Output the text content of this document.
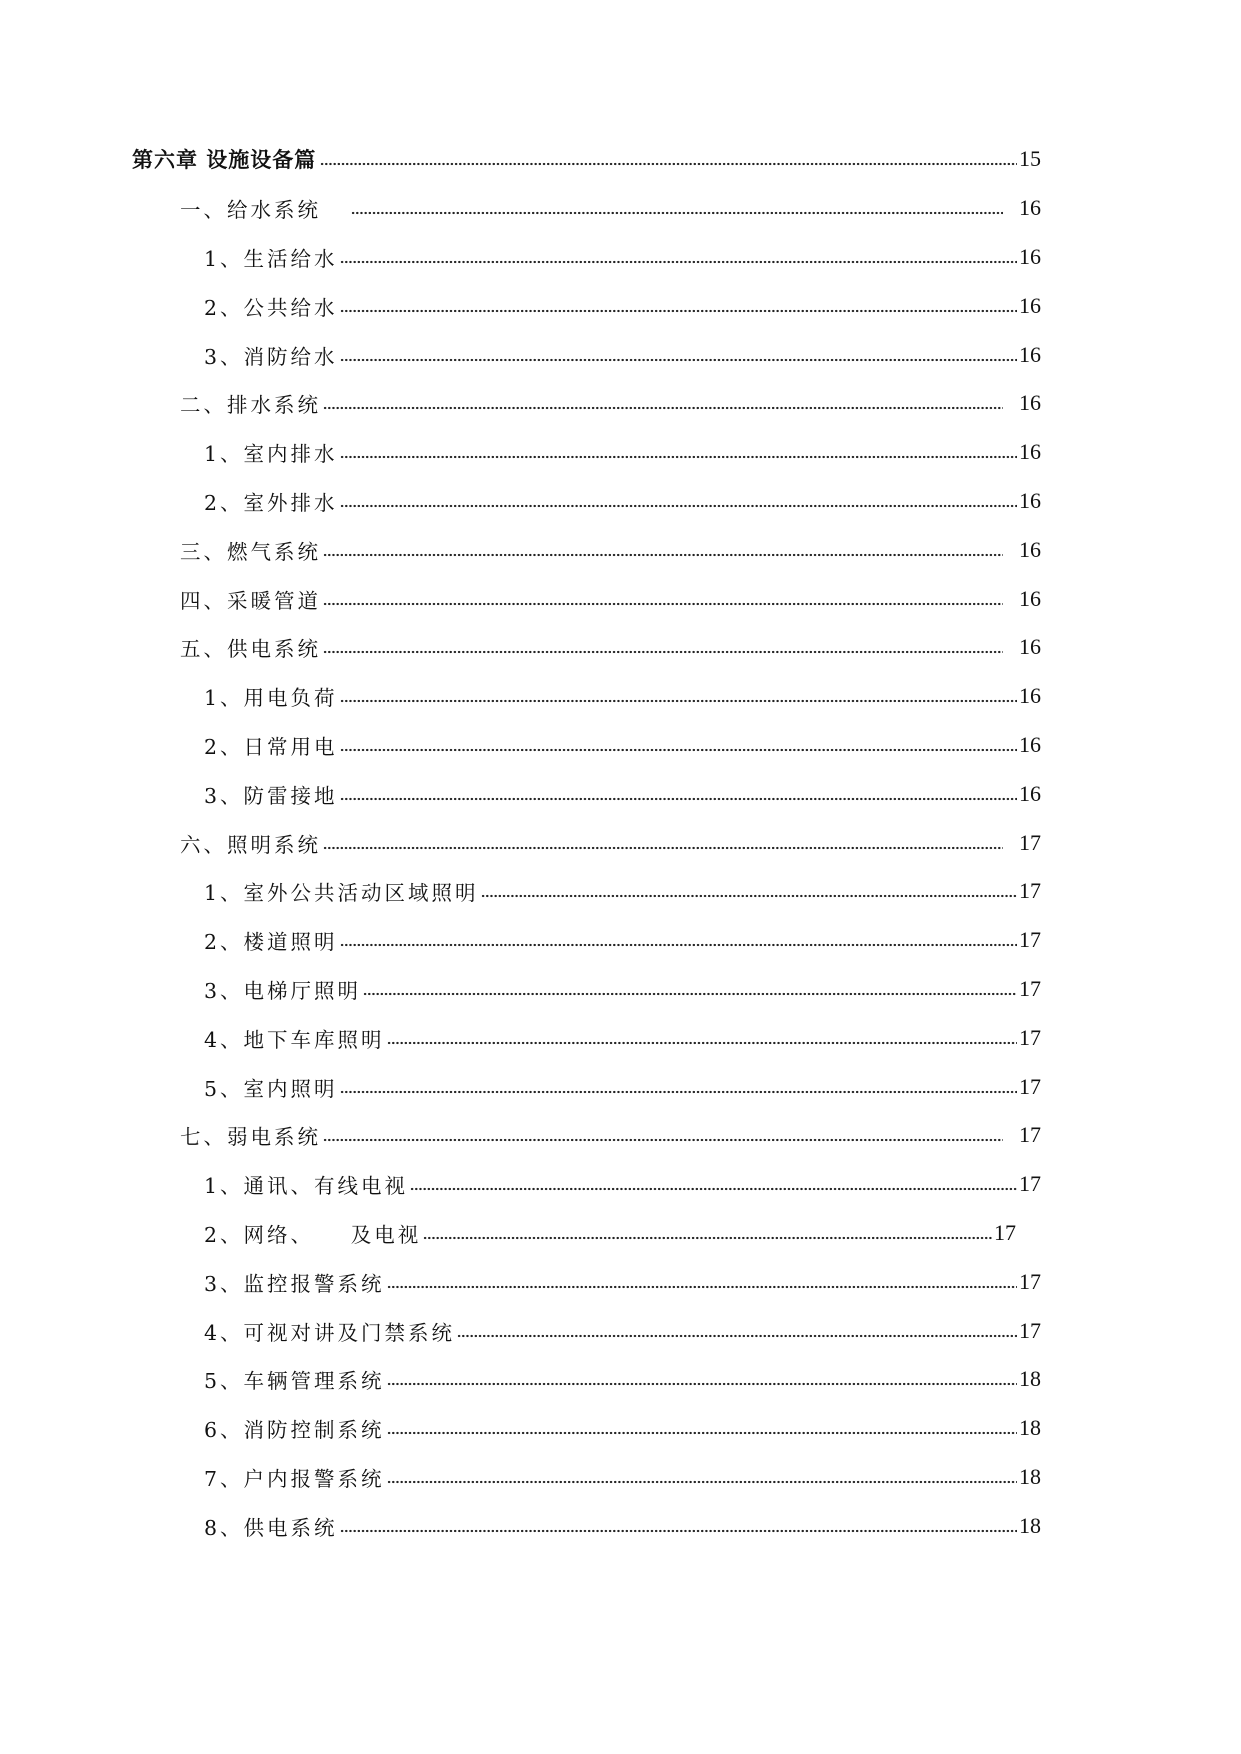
第六章 设施设备篇	15
一、给水系统	16
1、生活给水	16
2、公共给水	16
3、消防给水	16
二、排水系统	16
1、室内排水	16
2、室外排水	16
三、燃气系统	16
四、采暖管道	16
五、供电系统	16
1、用电负荷	16
2、日常用电	16
3、防雷接地	16
六、照明系统	17
1、室外公共活动区域照明	17
2、楼道照明	17
3、电梯厅照明	17
4、地下车库照明	17
5、室内照明	17
七、弱电系统	17
1、通讯、有线电视	17
2、网络、　　及电视	17
3、监控报警系统	17
4、可视对讲及门禁系统	17
5、车辆管理系统	18
6、消防控制系统	18
7、户内报警系统	18
8、供电系统	18
